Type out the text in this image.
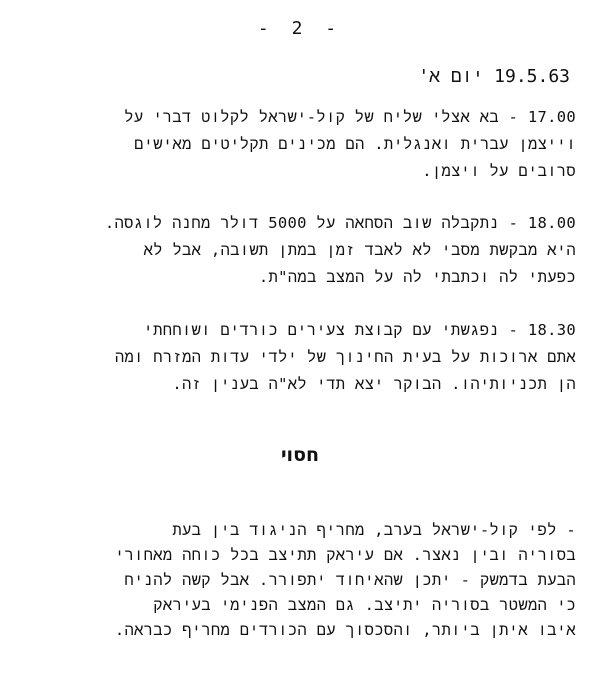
- 2 -
19.5.63 יום א'
17.00 - בא אצלי שליח של קול-ישראל לקלוט דברי על
וייצמן עברית ואנגלית. הם מכינים תקליטים מאישים
סרובים על ויצמן.
18.00 - נתקבלה שוב הסחאה על 5000 דולר מחנה לוגסה.
היא מבקשת מסבי לא לאבד זמן במתן תשובה, אבל לא
כפעתי לה וכתבתי לה על המצב במה"ת.
18.30 - נפגשתי עם קבוצת צעירים כורדים ושוחחתי
אתם ארוכות על בעית החינוך של ילדי עדות המזרח ומה
הן תכניותיהו. הבוקר יצא תדי לא"ה בענין זה.
חסוי
- לפי קול-ישראל בערב, מחריף הניגוד בין בעת
בסוריה ובין נאצר. אם עיראק תתיצב בכל כוחה מאחורי
הבעת בדמשק - יתכן שהאיחוד יתפורר. אבל קשה להניח
כי המשטר בסוריה יתיצב. גם המצב הפנימי בעיראק
איבו איתן ביותר, והסכסוך עם הכורדים מחריף כבראה.
